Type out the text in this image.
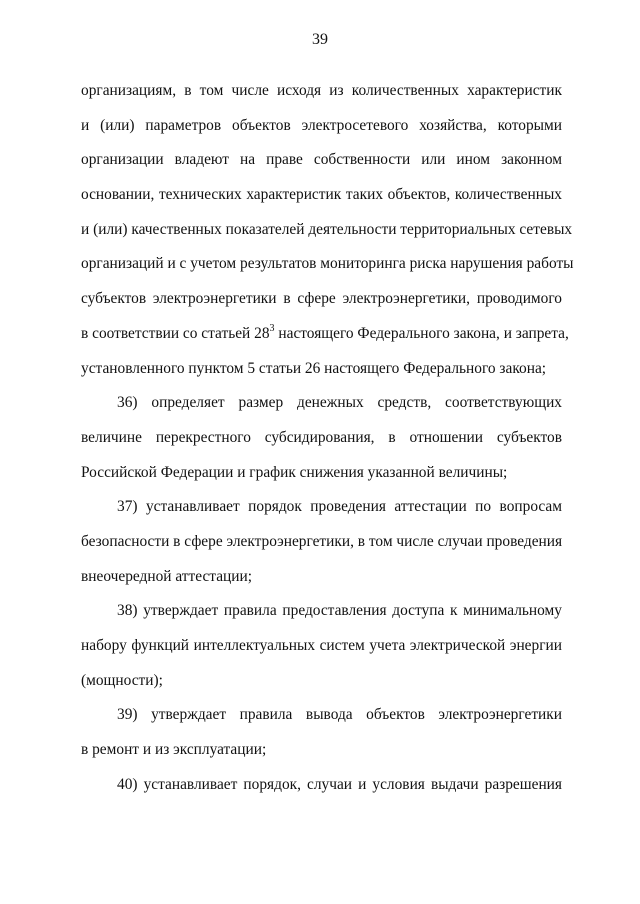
39
организациям, в том числе исходя из количественных характеристик
и (или) параметров объектов электросетевого хозяйства, которыми
организации владеют на праве собственности или ином законном
основании, технических характеристик таких объектов, количественных
и (или) качественных показателей деятельности территориальных сетевых
организаций и с учетом результатов мониторинга риска нарушения работы
субъектов электроэнергетики в сфере электроэнергетики, проводимого
в соответствии со статьей $28^3$ настоящего Федерального закона, и запрета,
установленного пунктом 5 статьи 26 настоящего Федерального закона;
36) определяет размер денежных средств, соответствующих
величине перекрестного субсидирования, в отношении субъектов
Российской Федерации и график снижения указанной величины;
37) устанавливает порядок проведения аттестации по вопросам
безопасности в сфере электроэнергетики, в том числе случаи проведения
внеочередной аттестации;
38) утверждает правила предоставления доступа к минимальному
набору функций интеллектуальных систем учета электрической энергии
(мощности);
39) утверждает правила вывода объектов электроэнергетики
в ремонт и из эксплуатации;
40) устанавливает порядок, случаи и условия выдачи разрешения
